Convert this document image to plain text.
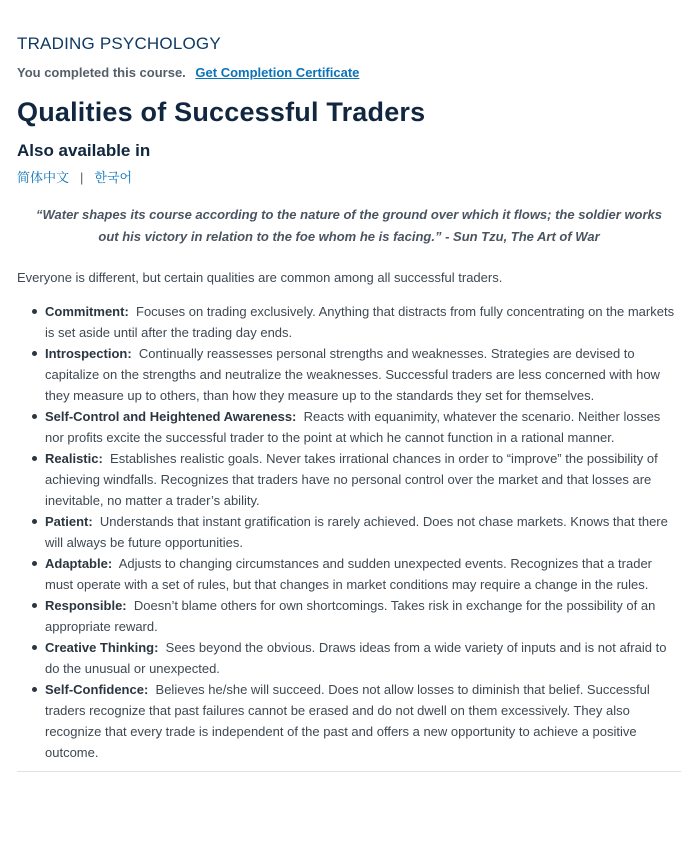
TRADING PSYCHOLOGY
You completed this course. Get Completion Certificate
Qualities of Successful Traders
Also available in
简体中文 | 한국어

“Water shapes its course according to the nature of the ground over which it flows; the soldier works out his victory in relation to the foe whom he is facing.” - Sun Tzu, The Art of War

Everyone is different, but certain qualities are common among all successful traders.

Commitment: Focuses on trading exclusively. Anything that distracts from fully concentrating on the markets is set aside until after the trading day ends.
Introspection: Continually reassesses personal strengths and weaknesses. Strategies are devised to capitalize on the strengths and neutralize the weaknesses. Successful traders are less concerned with how they measure up to others, than how they measure up to the standards they set for themselves.
Self-Control and Heightened Awareness: Reacts with equanimity, whatever the scenario. Neither losses nor profits excite the successful trader to the point at which he cannot function in a rational manner.
Realistic: Establishes realistic goals. Never takes irrational chances in order to “improve” the possibility of achieving windfalls. Recognizes that traders have no personal control over the market and that losses are inevitable, no matter a trader’s ability.
Patient: Understands that instant gratification is rarely achieved. Does not chase markets. Knows that there will always be future opportunities.
Adaptable: Adjusts to changing circumstances and sudden unexpected events. Recognizes that a trader must operate with a set of rules, but that changes in market conditions may require a change in the rules.
Responsible: Doesn’t blame others for own shortcomings. Takes risk in exchange for the possibility of an appropriate reward.
Creative Thinking: Sees beyond the obvious. Draws ideas from a wide variety of inputs and is not afraid to do the unusual or unexpected.
Self-Confidence: Believes he/she will succeed. Does not allow losses to diminish that belief. Successful traders recognize that past failures cannot be erased and do not dwell on them excessively. They also recognize that every trade is independent of the past and offers a new opportunity to achieve a positive outcome.
